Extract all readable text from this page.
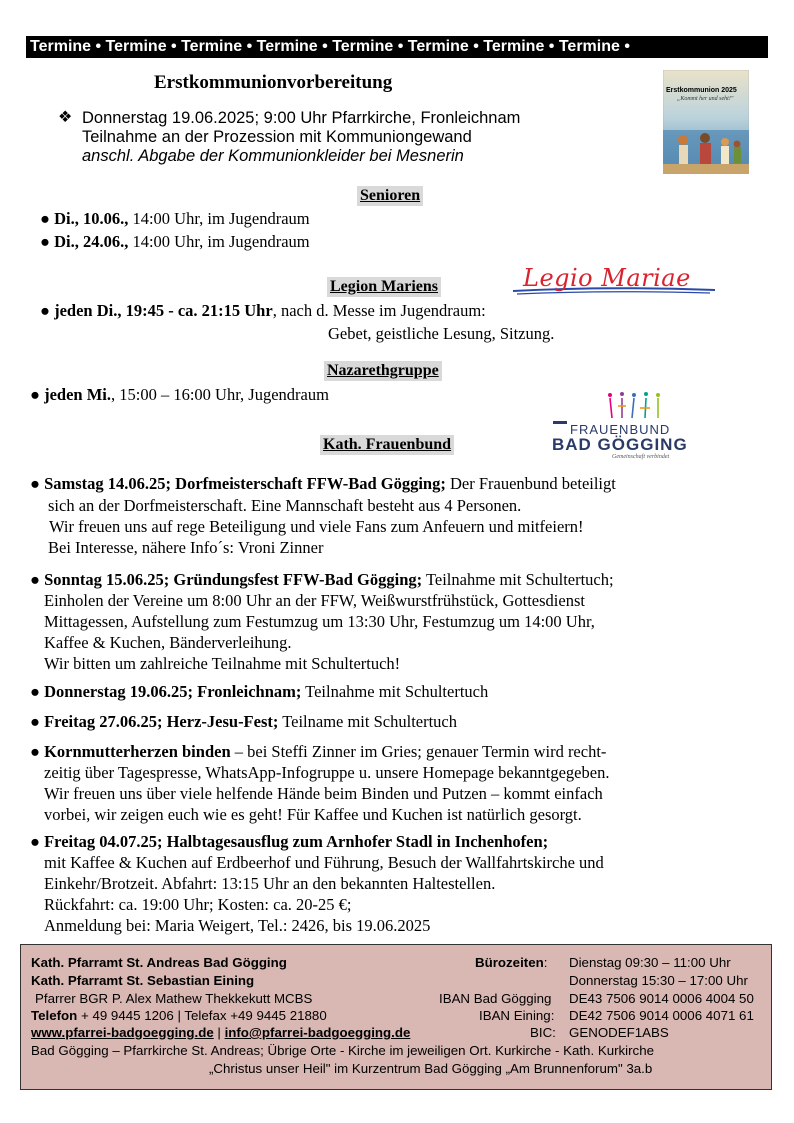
Termine • Termine • Termine • Termine • Termine • Termine • Termine • Termine •
Erstkommunionvorbereitung
❖ Donnerstag 19.06.2025; 9:00 Uhr Pfarrkirche, Fronleichnam
Teilnahme an der Prozession mit Kommuniongewand
anschl. Abgabe der Kommunionkleider bei Mesnerin
Erstkommunion 2025
„Kommt her und seht!"
Senioren
● Di., 10.06., 14:00 Uhr, im Jugendraum
● Di., 24.06., 14:00 Uhr, im Jugendraum
Legion Mariens	Legio Mariae
● jeden Di., 19:45 - ca. 21:15 Uhr, nach d. Messe im Jugendraum:
Gebet, geistliche Lesung, Sitzung.
Nazarethgruppe
● jeden Mi., 15:00 – 16:00 Uhr, Jugendraum
Kath. Frauenbund
FRAUENBUND
BAD GÖGGING
Gemeinschaft verbindet
● Samstag 14.06.25; Dorfmeisterschaft FFW-Bad Gögging; Der Frauenbund beteiligt
sich an der Dorfmeisterschaft. Eine Mannschaft besteht aus 4 Personen.
Wir freuen uns auf rege Beteiligung und viele Fans zum Anfeuern und mitfeiern!
Bei Interesse, nähere Info´s: Vroni Zinner
● Sonntag 15.06.25; Gründungsfest FFW-Bad Gögging; Teilnahme mit Schultertuch;
Einholen der Vereine um 8:00 Uhr an der FFW, Weißwurstfrühstück, Gottesdienst
Mittagessen, Aufstellung zum Festumzug um 13:30 Uhr, Festumzug um 14:00 Uhr,
Kaffee & Kuchen, Bänderverleihung.
Wir bitten um zahlreiche Teilnahme mit Schultertuch!
● Donnerstag 19.06.25; Fronleichnam; Teilnahme mit Schultertuch
● Freitag 27.06.25; Herz-Jesu-Fest; Teilname mit Schultertuch
● Kornmutterherzen binden – bei Steffi Zinner im Gries; genauer Termin wird recht-
zeitig über Tagespresse, WhatsApp-Infogruppe u. unsere Homepage bekanntgegeben.
Wir freuen uns über viele helfende Hände beim Binden und Putzen – kommt einfach
vorbei, wir zeigen euch wie es geht! Für Kaffee und Kuchen ist natürlich gesorgt.
● Freitag 04.07.25; Halbtagesausflug zum Arnhofer Stadl in Inchenhofen;
mit Kaffee & Kuchen auf Erdbeerhof und Führung, Besuch der Wallfahrtskirche und
Einkehr/Brotzeit. Abfahrt: 13:15 Uhr an den bekannten Haltestellen.
Rückfahrt: ca. 19:00 Uhr; Kosten: ca. 20-25 €;
Anmeldung bei: Maria Weigert, Tel.: 2426, bis 19.06.2025
Kath. Pfarramt St. Andreas Bad Gögging
Kath. Pfarramt St. Sebastian Eining
Pfarrer BGR P. Alex Mathew Thekkekutt MCBS
Telefon + 49 9445 1206 | Telefax +49 9445 21880
www.pfarrei-badgoegging.de | info@pfarrei-badgoegging.de
Bad Gögging – Pfarrkirche St. Andreas; Übrige Orte - Kirche im jeweiligen Ort. Kurkirche - Kath. Kurkirche
„Christus unser Heil" im Kurzentrum Bad Gögging „Am Brunnenforum" 3a.b
Bürozeiten: Dienstag 09:30 – 11:00 Uhr
Donnerstag 15:30 – 17:00 Uhr
IBAN Bad Gögging DE43 7506 9014 0006 4004 50
IBAN Eining: DE42 7506 9014 0006 4071 61
BIC: GENODEF1ABS
